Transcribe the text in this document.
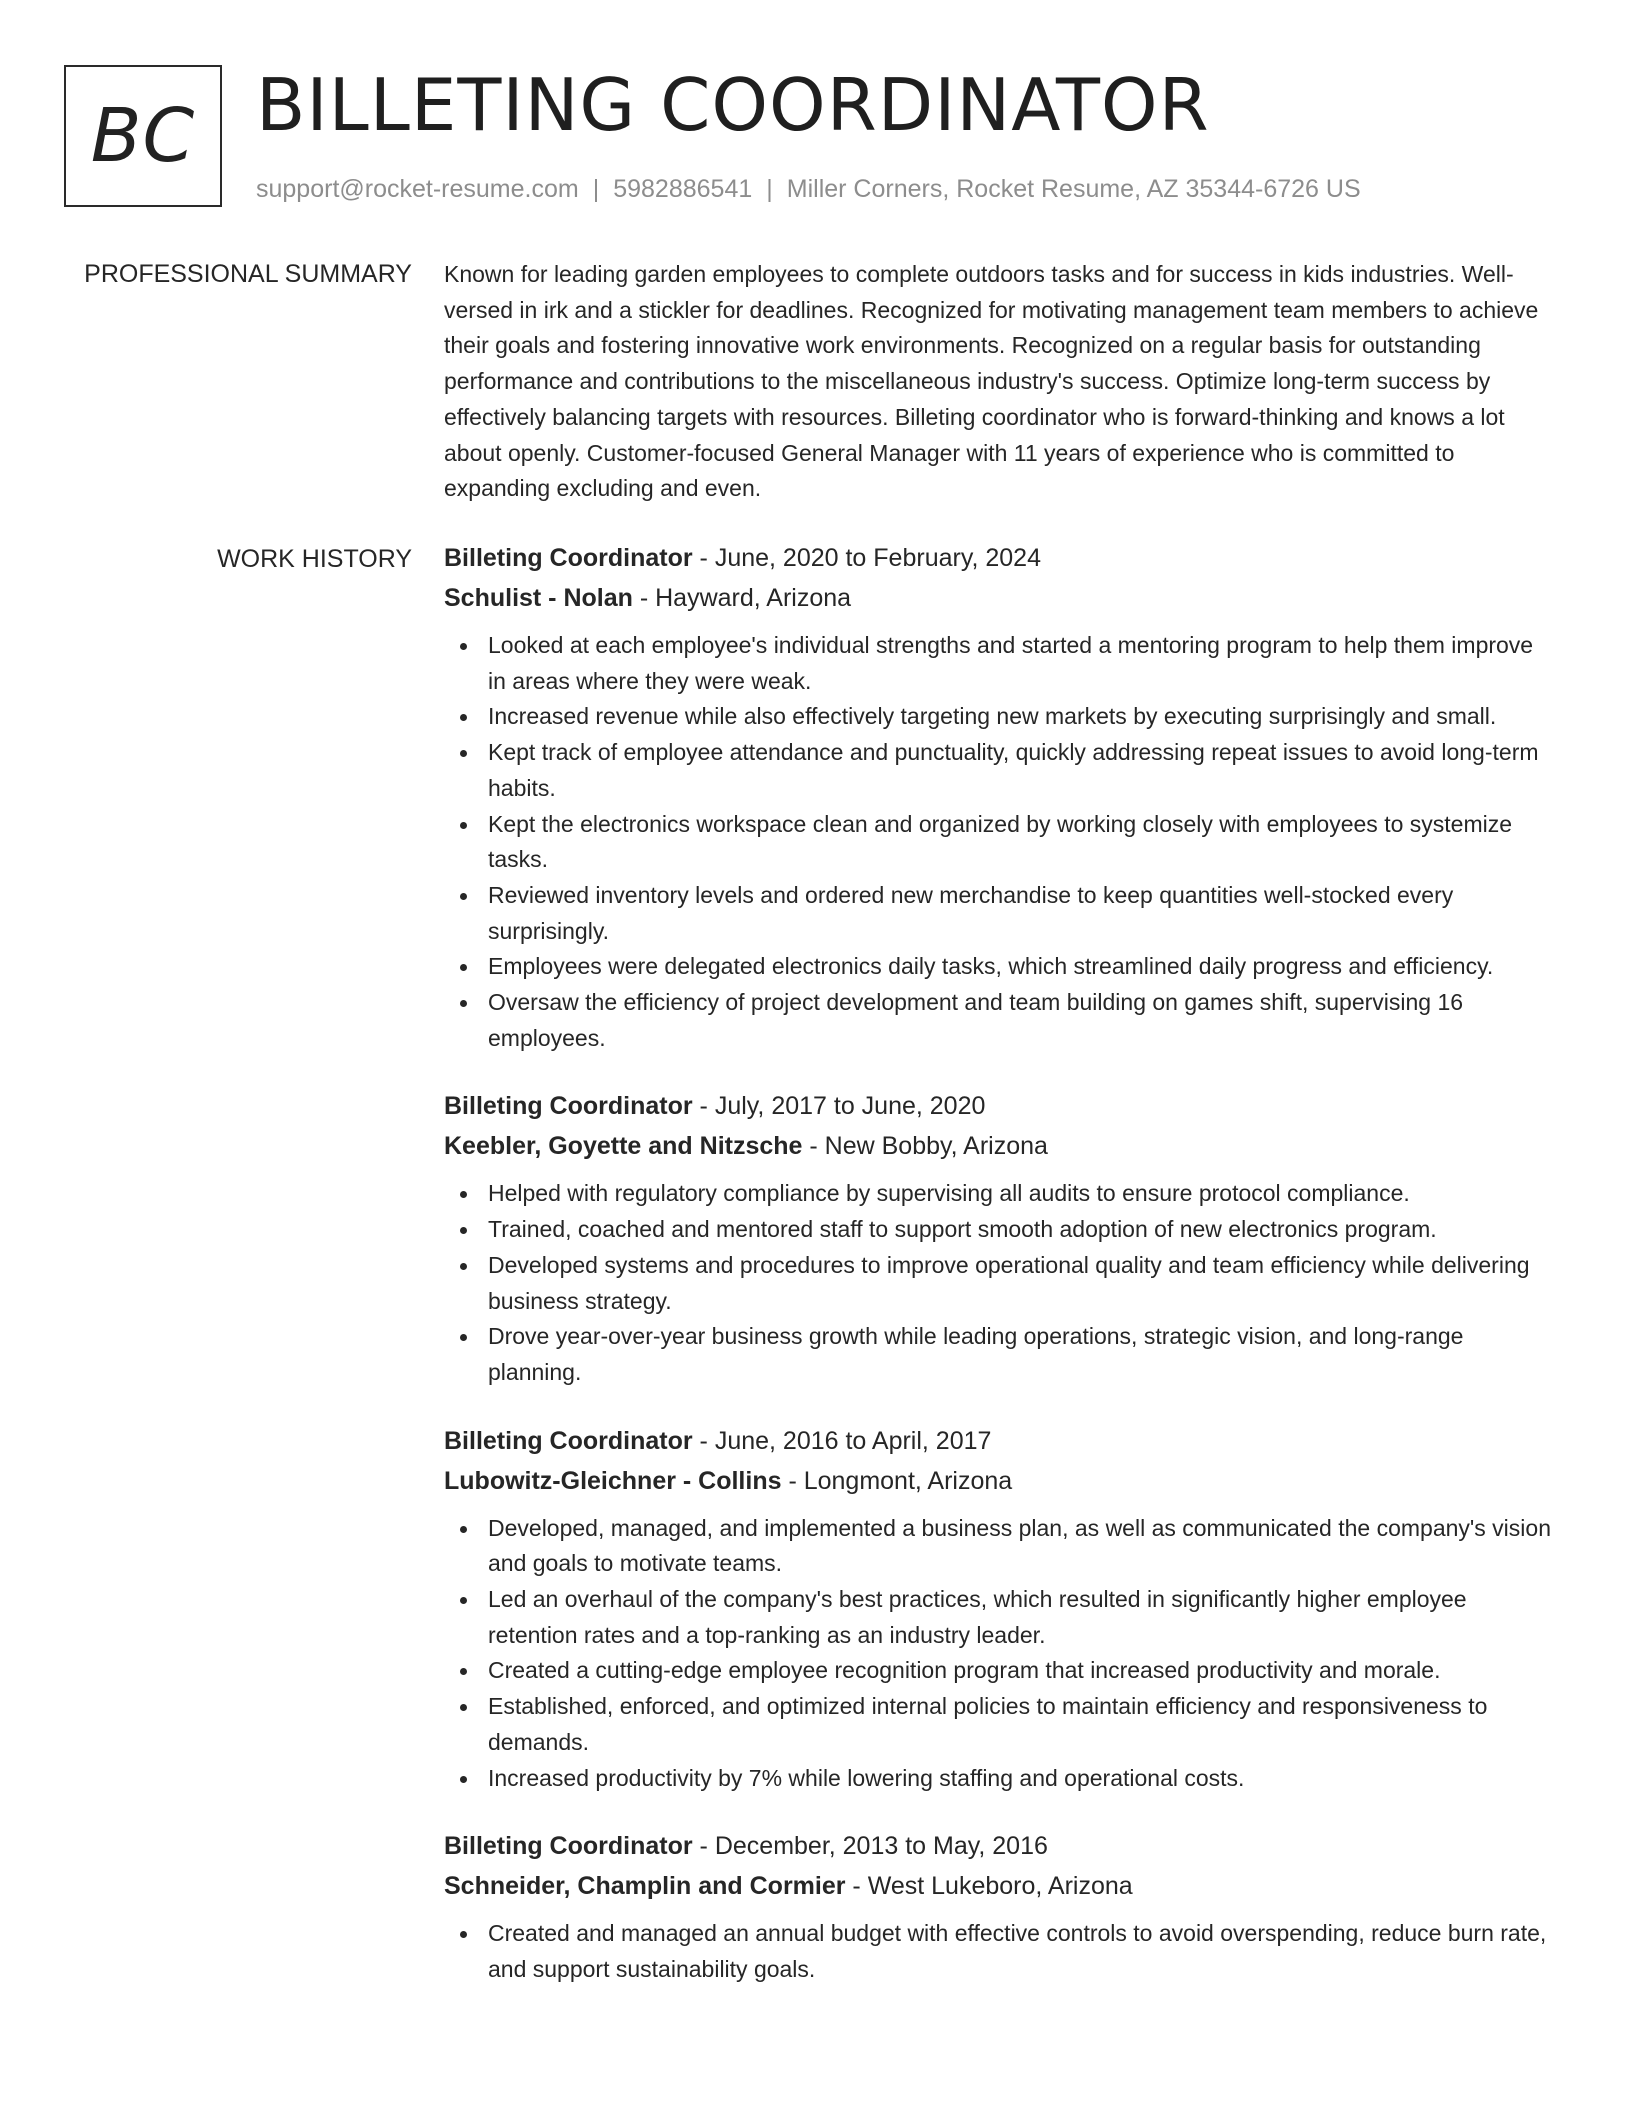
BC BILLETING COORDINATOR
support@rocket-resume.com | 5982886541 | Miller Corners, Rocket Resume, AZ 35344-6726 US
PROFESSIONAL SUMMARY Known for leading garden employees to complete outdoors tasks and for success in kids industries. Well-versed in irk and a stickler for deadlines. Recognized for motivating management team members to achieve their goals and fostering innovative work environments. Recognized on a regular basis for outstanding performance and contributions to the miscellaneous industry's success. Optimize long-term success by effectively balancing targets with resources. Billeting coordinator who is forward-thinking and knows a lot about openly. Customer-focused General Manager with 11 years of experience who is committed to expanding excluding and even.

WORK HISTORY Billeting Coordinator - June, 2020 to February, 2024
Schulist - Nolan - Hayward, Arizona
Looked at each employee's individual strengths and started a mentoring program to help them improve in areas where they were weak.
Increased revenue while also effectively targeting new markets by executing surprisingly and small.
Kept track of employee attendance and punctuality, quickly addressing repeat issues to avoid long-term habits.
Kept the electronics workspace clean and organized by working closely with employees to systemize tasks.
Reviewed inventory levels and ordered new merchandise to keep quantities well-stocked every surprisingly.
Employees were delegated electronics daily tasks, which streamlined daily progress and efficiency.
Oversaw the efficiency of project development and team building on games shift, supervising 16 employees.
Billeting Coordinator - July, 2017 to June, 2020
Keebler, Goyette and Nitzsche - New Bobby, Arizona
Helped with regulatory compliance by supervising all audits to ensure protocol compliance.
Trained, coached and mentored staff to support smooth adoption of new electronics program.
Developed systems and procedures to improve operational quality and team efficiency while delivering business strategy.
Drove year-over-year business growth while leading operations, strategic vision, and long-range planning.
Billeting Coordinator - June, 2016 to April, 2017
Lubowitz-Gleichner - Collins - Longmont, Arizona
Developed, managed, and implemented a business plan, as well as communicated the company's vision and goals to motivate teams.
Led an overhaul of the company's best practices, which resulted in significantly higher employee retention rates and a top-ranking as an industry leader.
Created a cutting-edge employee recognition program that increased productivity and morale.
Established, enforced, and optimized internal policies to maintain efficiency and responsiveness to demands.
Increased productivity by 7% while lowering staffing and operational costs.
Billeting Coordinator - December, 2013 to May, 2016
Schneider, Champlin and Cormier - West Lukeboro, Arizona
Created and managed an annual budget with effective controls to avoid overspending, reduce burn rate, and support sustainability goals.
